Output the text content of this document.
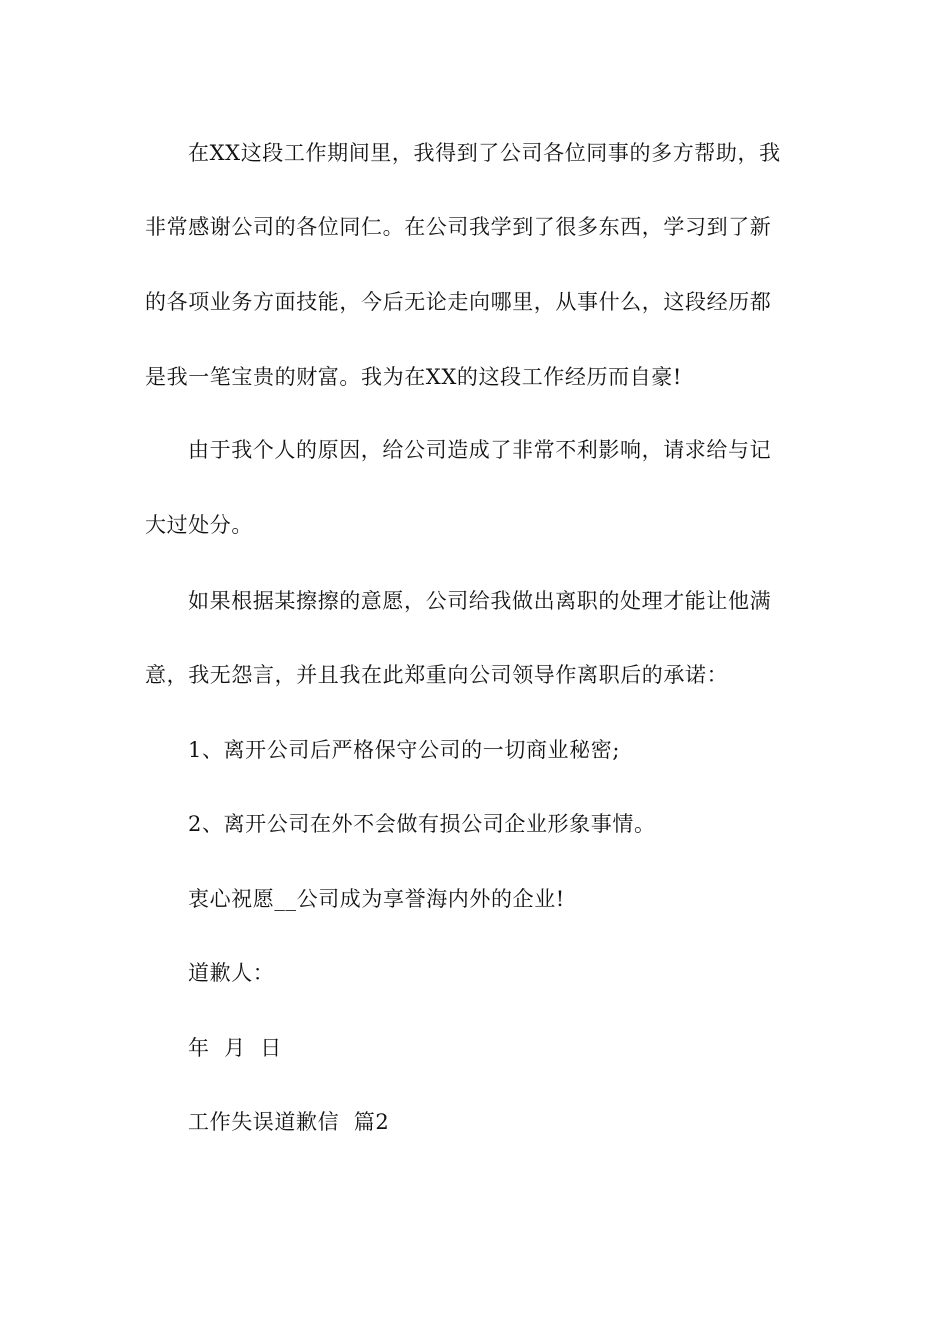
在XX这段工作期间里，我得到了公司各位同事的多方帮助，我
非常感谢公司的各位同仁。在公司我学到了很多东西，学习到了新
的各项业务方面技能，今后无论走向哪里，从事什么，这段经历都
是我一笔宝贵的财富。我为在XX的这段工作经历而自豪!
由于我个人的原因，给公司造成了非常不利影响，请求给与记
大过处分。
如果根据某擦擦的意愿，公司给我做出离职的处理才能让他满
意，我无怨言，并且我在此郑重向公司领导作离职后的承诺：
1、离开公司后严格保守公司的一切商业秘密;
2、离开公司在外不会做有损公司企业形象事情。
衷心祝愿__公司成为享誉海内外的企业!
道歉人：
年  月  日
工作失误道歉信  篇2
